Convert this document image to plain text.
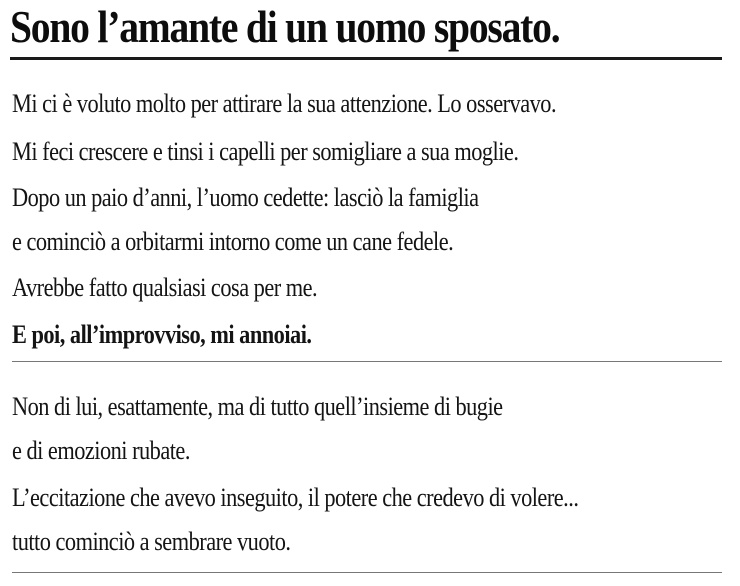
Sono l’amante di un uomo sposato.

Mi ci è voluto molto per attirare la sua attenzione. Lo osservavo.

Mi feci crescere e tinsi i capelli per somigliare a sua moglie.

Dopo un paio d’anni, l’uomo cedette: lasciò la famiglia

e cominciò a orbitarmi intorno come un cane fedele.

Avrebbe fatto qualsiasi cosa per me.

E poi, all’improvviso, mi annoiai.

Non di lui, esattamente, ma di tutto quell’insieme di bugie

e di emozioni rubate.

L’eccitazione che avevo inseguito, il potere che credevo di volere...

tutto cominciò a sembrare vuoto.
